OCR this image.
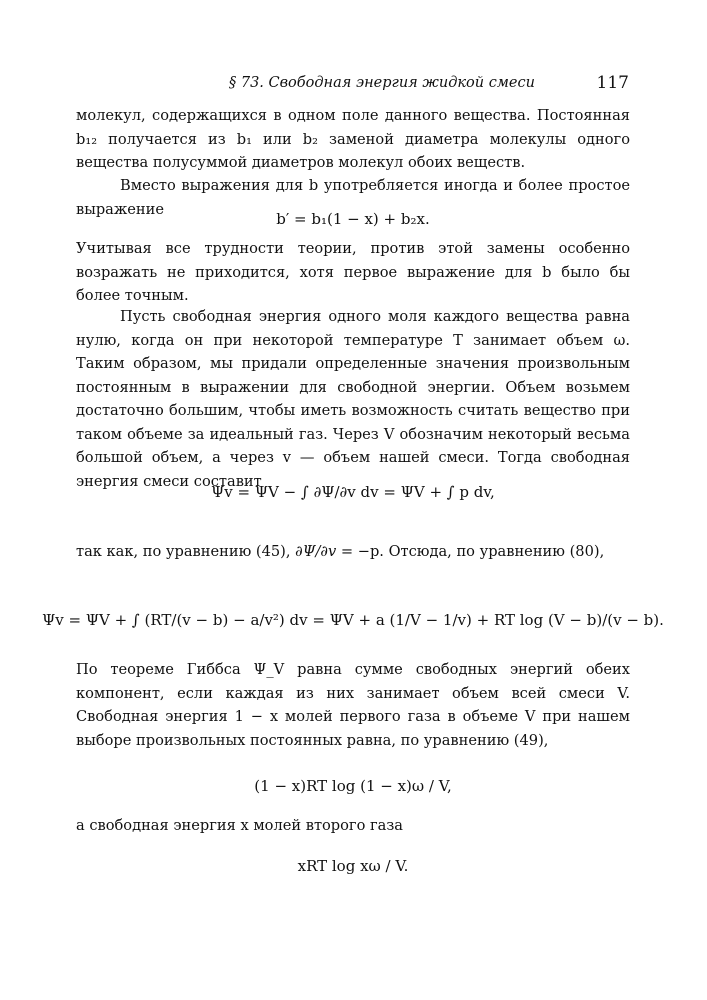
§ 73. Свободная энергия жидкой смеси	117
молекул, содержащихся в одном поле данного вещества. Постоянная b₁₂ получается из b₁ или b₂ заменой диаметра молекулы одного вещества полусуммой диаметров молекул обоих веществ.
Вместо выражения для b употребляется иногда и более простое выражение
b′ = b₁(1 − x) + b₂x.
Учитывая все трудности теории, против этой замены особенно возражать не приходится, хотя первое выражение для b было бы более точным.
Пусть свободная энергия одного моля каждого вещества равна нулю, когда он при некоторой температуре T занимает объем ω. Таким образом, мы придали определенные значения произвольным постоянным в выражении для свободной энергии. Объем возьмем достаточно большим, чтобы иметь возможность считать вещество при таком объеме за идеальный газ. Через V обозначим некоторый весьма большой объем, а через v — объем нашей смеси. Тогда свободная энергия смеси составит
Ψv = ΨV − ∫ ∂Ψ/∂v dv = ΨV + ∫ p dv,
так как, по уравнению (45), ∂Ψ/∂v = −p. Отсюда, по уравнению (80),
Ψv = ΨV + ∫ (RT/(v − b) − a/v²) dv = ΨV + a (1/V − 1/v) + RT log (V − b)/(v − b).
По теореме Гиббса Ψ_V равна сумме свободных энергий обеих компонент, если каждая из них занимает объем всей смеси V. Свободная энергия 1 − x молей первого газа в объеме V при нашем выборе произвольных постоянных равна, по уравнению (49),
(1 − x)RT log (1 − x)ω / V,
а свободная энергия x молей второго газа
xRT log xω / V.
